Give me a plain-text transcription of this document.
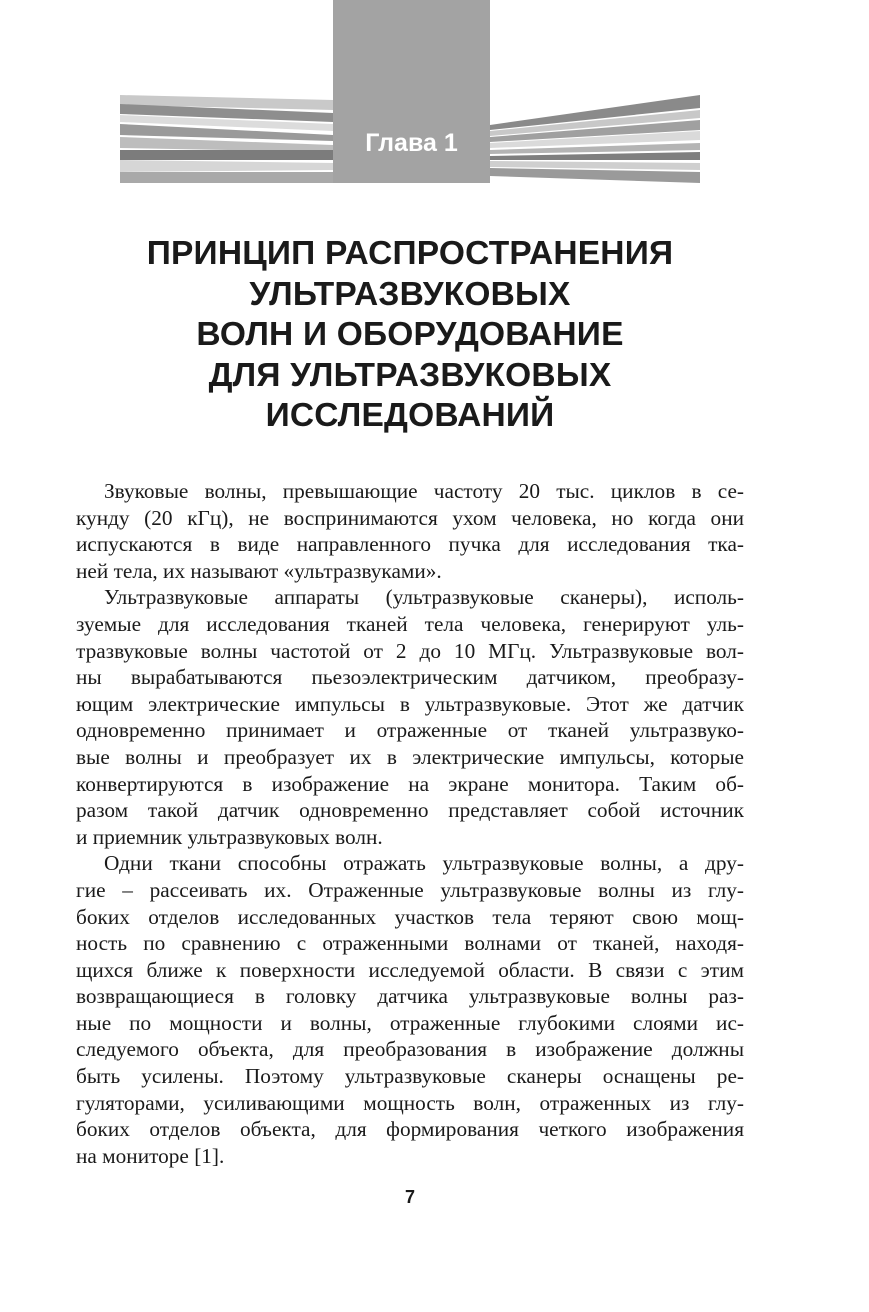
Глава 1
ПРИНЦИП РАСПРОСТРАНЕНИЯ
УЛЬТРАЗВУКОВЫХ
ВОЛН И ОБОРУДОВАНИЕ
ДЛЯ УЛЬТРАЗВУКОВЫХ
ИССЛЕДОВАНИЙ
Звуковые волны, превышающие частоту 20 тыс. циклов в се-
кунду (20 кГц), не воспринимаются ухом человека, но когда они
испускаются в виде направленного пучка для исследования тка-
ней тела, их называют «ультразвуками».
Ультразвуковые аппараты (ультразвуковые сканеры), исполь-
зуемые для исследования тканей тела человека, генерируют уль-
тразвуковые волны частотой от 2 до 10 МГц. Ультразвуковые вол-
ны вырабатываются пьезоэлектрическим датчиком, преобразу-
ющим электрические импульсы в ультразвуковые. Этот же датчик
одновременно принимает и отраженные от тканей ультразвуко-
вые волны и преобразует их в электрические импульсы, которые
конвертируются в изображение на экране монитора. Таким об-
разом такой датчик одновременно представляет собой источник
и приемник ультразвуковых волн.
Одни ткани способны отражать ультразвуковые волны, а дру-
гие – рассеивать их. Отраженные ультразвуковые волны из глу-
боких отделов исследованных участков тела теряют свою мощ-
ность по сравнению с отраженными волнами от тканей, находя-
щихся ближе к поверхности исследуемой области. В связи с этим
возвращающиеся в головку датчика ультразвуковые волны раз-
ные по мощности и волны, отраженные глубокими слоями ис-
следуемого объекта, для преобразования в изображение должны
быть усилены. Поэтому ультразвуковые сканеры оснащены ре-
гуляторами, усиливающими мощность волн, отраженных из глу-
боких отделов объекта, для формирования четкого изображения
на мониторе [1].
7
